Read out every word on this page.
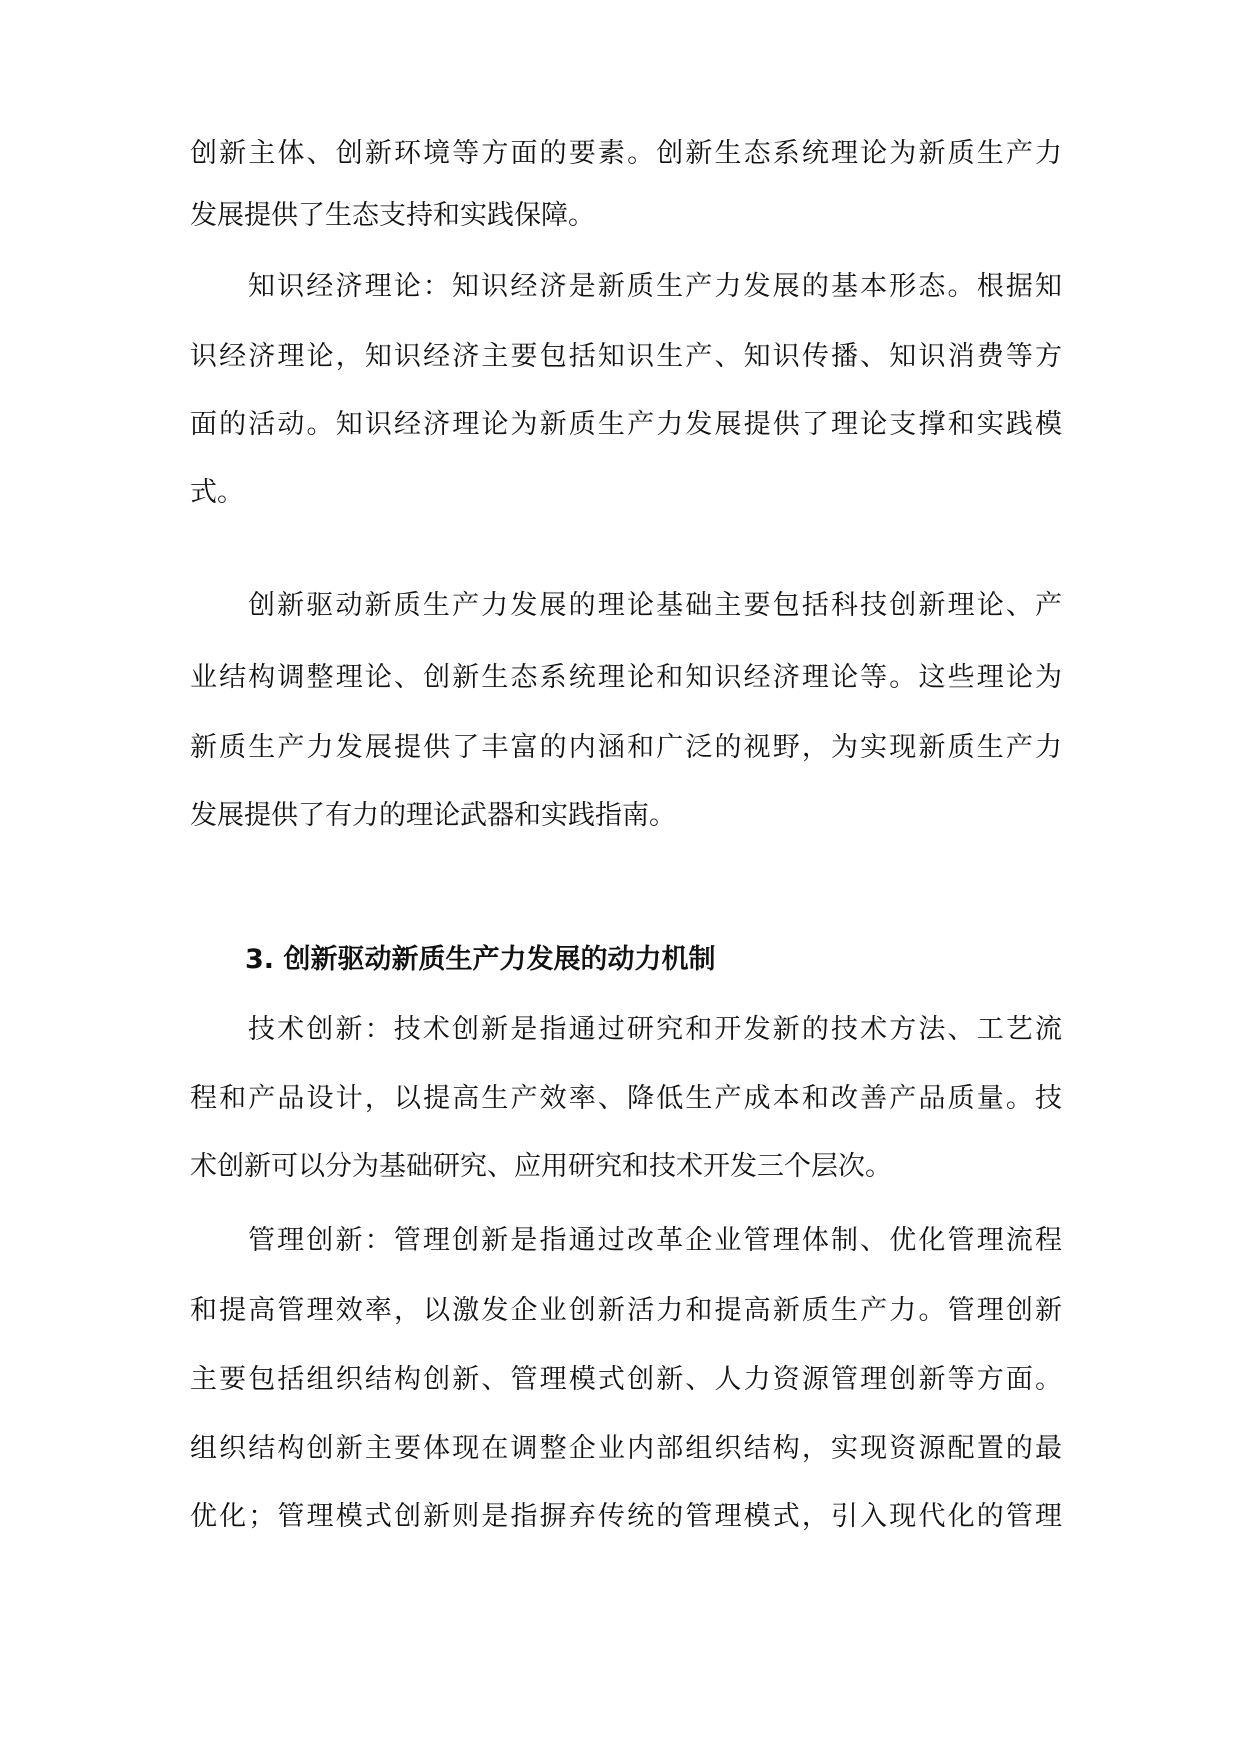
创新主体、创新环境等方面的要素。创新生态系统理论为新质生产力
发展提供了生态支持和实践保障。
知识经济理论：知识经济是新质生产力发展的基本形态。根据知
识经济理论，知识经济主要包括知识生产、知识传播、知识消费等方
面的活动。知识经济理论为新质生产力发展提供了理论支撑和实践模
式。
创新驱动新质生产力发展的理论基础主要包括科技创新理论、产
业结构调整理论、创新生态系统理论和知识经济理论等。这些理论为
新质生产力发展提供了丰富的内涵和广泛的视野，为实现新质生产力
发展提供了有力的理论武器和实践指南。
3. 创新驱动新质生产力发展的动力机制
技术创新：技术创新是指通过研究和开发新的技术方法、工艺流
程和产品设计，以提高生产效率、降低生产成本和改善产品质量。技
术创新可以分为基础研究、应用研究和技术开发三个层次。
管理创新：管理创新是指通过改革企业管理体制、优化管理流程
和提高管理效率，以激发企业创新活力和提高新质生产力。管理创新
主要包括组织结构创新、管理模式创新、人力资源管理创新等方面。
组织结构创新主要体现在调整企业内部组织结构，实现资源配置的最
优化；管理模式创新则是指摒弃传统的管理模式，引入现代化的管理
